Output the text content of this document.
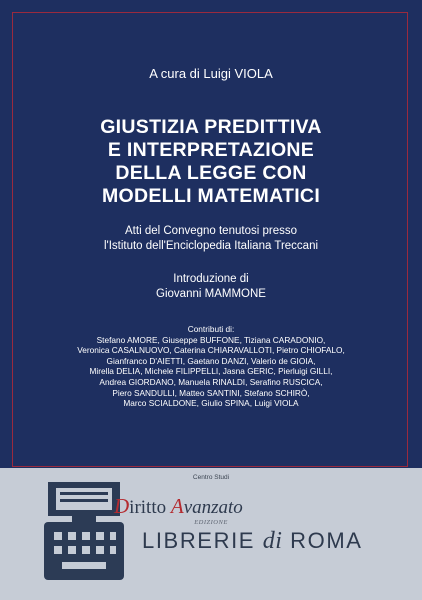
A cura di Luigi VIOLA
GIUSTIZIA PREDITTIVA
E INTERPRETAZIONE
DELLA LEGGE CON
MODELLI MATEMATICI
Atti del Convegno tenutosi presso
l'Istituto dell'Enciclopedia Italiana Treccani
Introduzione di
Giovanni MAMMONE
Contributi di:
Stefano AMORE, Giuseppe BUFFONE, Tiziana CARADONIO,
Veronica CASALNUOVO, Caterina CHIARAVALLOTI, Pietro CHIOFALO,
Gianfranco D'AIETTI, Gaetano DANZI, Valerio de GIOIA,
Mirella DELIA, Michele FILIPPELLI, Jasna GERIC, Pierluigi GILLI,
Andrea GIORDANO, Manuela RINALDI, Serafino RUSCICA,
Piero SANDULLI, Matteo SANTINI, Stefano SCHIRÒ,
Marco SCIALDONE, Giulio SPINA, Luigi VIOLA
Centro Studi
Diritto Avanzato
EDIZIONE
LIBRERIE di ROMA
